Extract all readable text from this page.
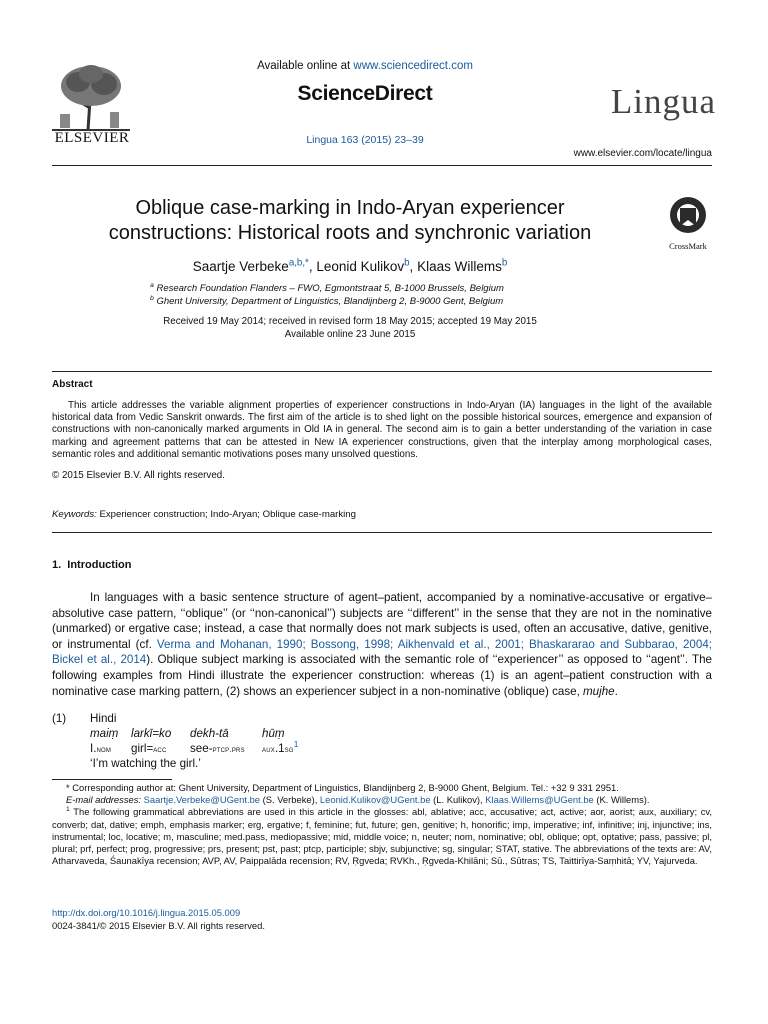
ELSEVIER
Available online at www.sciencedirect.com
ScienceDirect
Lingua 163 (2015) 23–39
Lingua
www.elsevier.com/locate/lingua
Oblique case-marking in Indo-Aryan experiencer
constructions: Historical roots and synchronic variation
CrossMark
Saartje Verbeke$^{a,b,*}$, Leonid Kulikov$^b$, Klaas Willems$^b$
$^a$ Research Foundation Flanders – FWO, Egmontstraat 5, B-1000 Brussels, Belgium
$^b$ Ghent University, Department of Linguistics, Blandijnberg 2, B-9000 Gent, Belgium
Received 19 May 2014; received in revised form 18 May 2015; accepted 19 May 2015
Available online 23 June 2015
Abstract
This article addresses the variable alignment properties of experiencer constructions in Indo-Aryan (IA) languages in the light of the available historical data from Vedic Sanskrit onwards. The first aim of the article is to shed light on the possible historical sources, emergence and expansion of constructions with non-canonically marked arguments in Old IA in general. The second aim is to gain a better understanding of the variation in case marking and agreement patterns that can be attested in New IA experiencer constructions, given that the interplay among morphological cases, semantic roles and additional semantic motivations poses many unsolved questions.
© 2015 Elsevier B.V. All rights reserved.
Keywords: Experiencer construction; Indo-Aryan; Oblique case-marking
1.  Introduction
In languages with a basic sentence structure of agent–patient, accompanied by a nominative-accusative or ergative–absolutive case pattern, ‘‘oblique’’ (or ‘‘non-canonical’’) subjects are ‘‘different’’ in the sense that they are not in the nominative (unmarked) or ergative case; instead, a case that normally does not mark subjects is used, often an accusative, dative, genitive, or instrumental (cf. Verma and Mohanan, 1990; Bossong, 1998; Aikhenvald et al., 2001; Bhaskararao and Subbarao, 2004; Bickel et al., 2014). Oblique subject marking is associated with the semantic role of ‘‘experiencer’’ as opposed to ‘‘agent’’. The following examples from Hindi illustrate the experiencer construction: whereas (1) is an agent–patient construction with a nominative case marking pattern, (2) shows an experiencer subject in a non-nominative (oblique) case, mujhe.
(1) Hindi
maiṃ larkī=ko dekh-tā	hūṃ
I.nom girl=acc see-ptcp.prs $aux.1sg^1$
‘I’m watching the girl.’
* Corresponding author at: Ghent University, Department of Linguistics, Blandijnberg 2, B-9000 Ghent, Belgium. Tel.: +32 9 331 2951.
E-mail addresses: Saartje.Verbeke@UGent.be (S. Verbeke), Leonid.Kulikov@UGent.be (L. Kulikov), Klaas.Willems@UGent.be (K. Willems).
$^1$ The following grammatical abbreviations are used in this article in the glosses: abl, ablative; acc, accusative; act, active; aor, aorist; aux, auxiliary; cv, converb; dat, dative; emph, emphasis marker; erg, ergative; f, feminine; fut, future; gen, genitive; h, honorific; imp, imperative; inf, infinitive; inj, injunctive; ins, instrumental; loc, locative; m, masculine; med.pass, mediopassive; mid, middle voice; n, neuter; nom, nominative; obl, oblique; opt, optative; pass, passive; pl, plural; prf, perfect; prog, progressive; prs, present; pst, past; ptcp, participle; sbjv, subjunctive; sg, singular; STAT, stative. The abbreviations of the texts are: AV, Atharvaveda, Śaunakīya recension; AVP, AV, Paippalāda recension; RV, Ṛgveda; RVKh., Ṛgveda-Khilāni; Sū., Sūtras; TS, Taittirīya-Saṃhitā; YV, Yajurveda.
http://dx.doi.org/10.1016/j.lingua.2015.05.009
0024-3841/© 2015 Elsevier B.V. All rights reserved.
